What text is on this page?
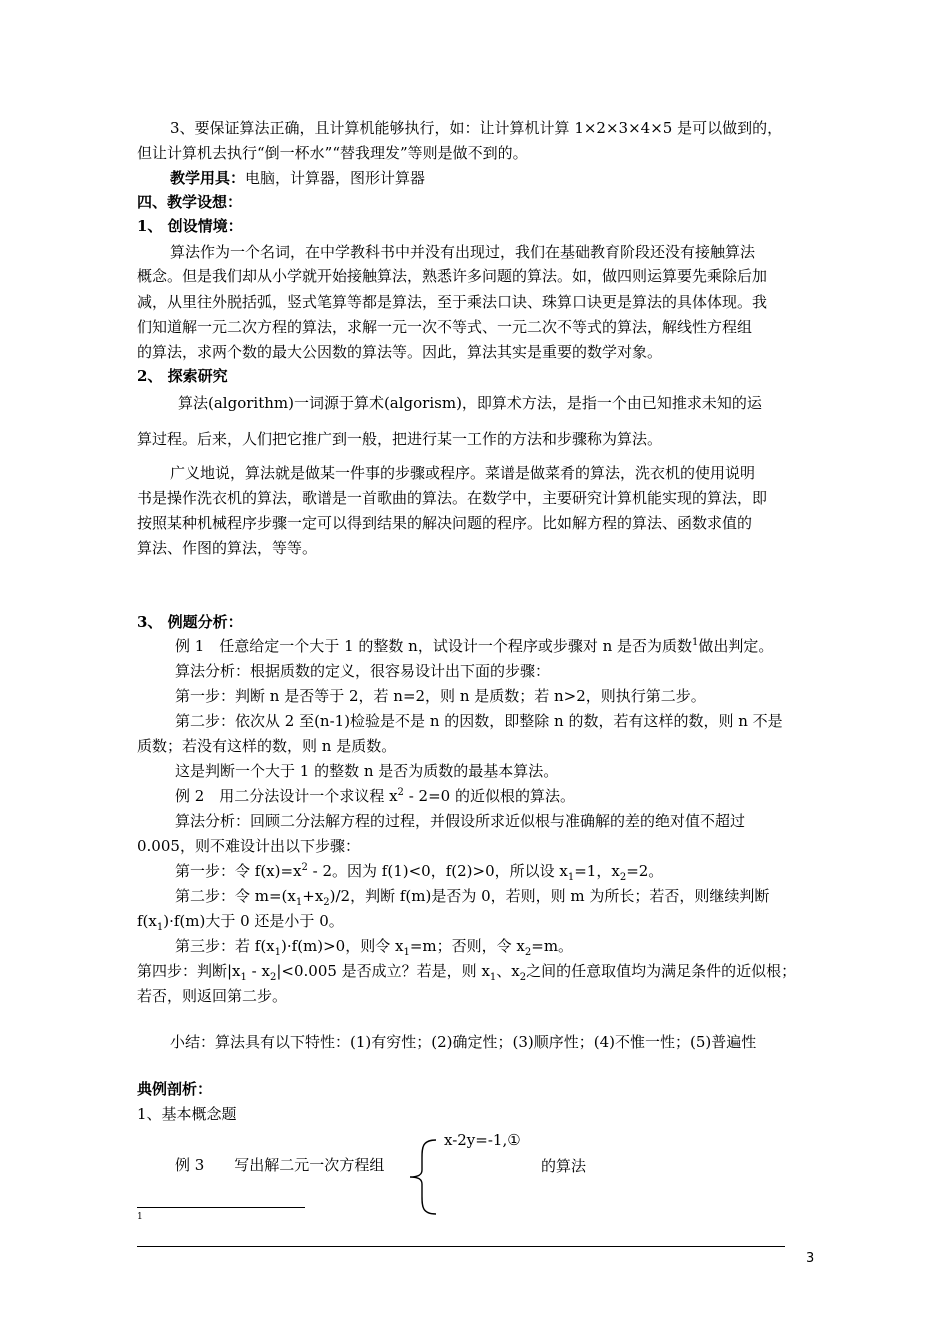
3、要保证算法正确，且计算机能够执行，如：让计算机计算 1×2×3×4×5 是可以做到的，
但让计算机去执行“倒一杯水”“替我理发”等则是做不到的。
教学用具：电脑，计算器，图形计算器
四、教学设想：
1、 创设情境：
算法作为一个名词，在中学教科书中并没有出现过，我们在基础教育阶段还没有接触算法
概念。但是我们却从小学就开始接触算法，熟悉许多问题的算法。如，做四则运算要先乘除后加
减，从里往外脱括弧，竖式笔算等都是算法，至于乘法口诀、珠算口诀更是算法的具体体现。我
们知道解一元二次方程的算法，求解一元一次不等式、一元二次不等式的算法，解线性方程组
的算法，求两个数的最大公因数的算法等。因此，算法其实是重要的数学对象。
2、 探索研究
算法(algorithm)一词源于算术(algorism)，即算术方法，是指一个由已知推求未知的运
算过程。后来，人们把它推广到一般，把进行某一工作的方法和步骤称为算法。
广义地说，算法就是做某一件事的步骤或程序。菜谱是做菜肴的算法，洗衣机的使用说明
书是操作洗衣机的算法，歌谱是一首歌曲的算法。在数学中，主要研究计算机能实现的算法，即
按照某种机械程序步骤一定可以得到结果的解决问题的程序。比如解方程的算法、函数求值的
算法、作图的算法，等等。
3、 例题分析：
例 1　任意给定一个大于 1 的整数 n，试设计一个程序或步骤对 n 是否为质数$^1$做出判定。
算法分析：根据质数的定义，很容易设计出下面的步骤：
第一步：判断 n 是否等于 2，若 n=2，则 n 是质数；若 n>2，则执行第二步。
第二步：依次从 2 至(n-1)检验是不是 n 的因数，即整除 n 的数，若有这样的数，则 n 不是
质数；若没有这样的数，则 n 是质数。
这是判断一个大于 1 的整数 n 是否为质数的最基本算法。
例 2　用二分法设计一个求议程 $x^2 - 2=0$ 的近似根的算法。
算法分析：回顾二分法解方程的过程，并假设所求近似根与准确解的差的绝对值不超过
0.005，则不难设计出以下步骤：
第一步：令 $f(x)=x^2 - 2$。因为 f(1)<0，f(2)>0，所以设 $x_1=1$，$x_2=2$。
第二步：令 $m=(x_1+x_2)/2$，判断 f(m)是否为 0，若则，则 m 为所长；若否，则继续判断
$f(x_1)\cdot f(m)$大于 0 还是小于 0。
第三步：若 $f(x_1)\cdot f(m)>0$，则令 $x_1=m$；否则，令 $x_2=m$。
第四步：判断$|x_1 - x_2|<0.005$ 是否成立？若是，则 $x_1$、$x_2$之间的任意取值均为满足条件的近似根；
若否，则返回第二步。
小结：算法具有以下特性：(1)有穷性；(2)确定性；(3)顺序性；(4)不惟一性；(5)普遍性
典例剖析：
1、基本概念题
例 3　　写出解二元一次方程组
x-2y=-1,①
的算法
1
3
